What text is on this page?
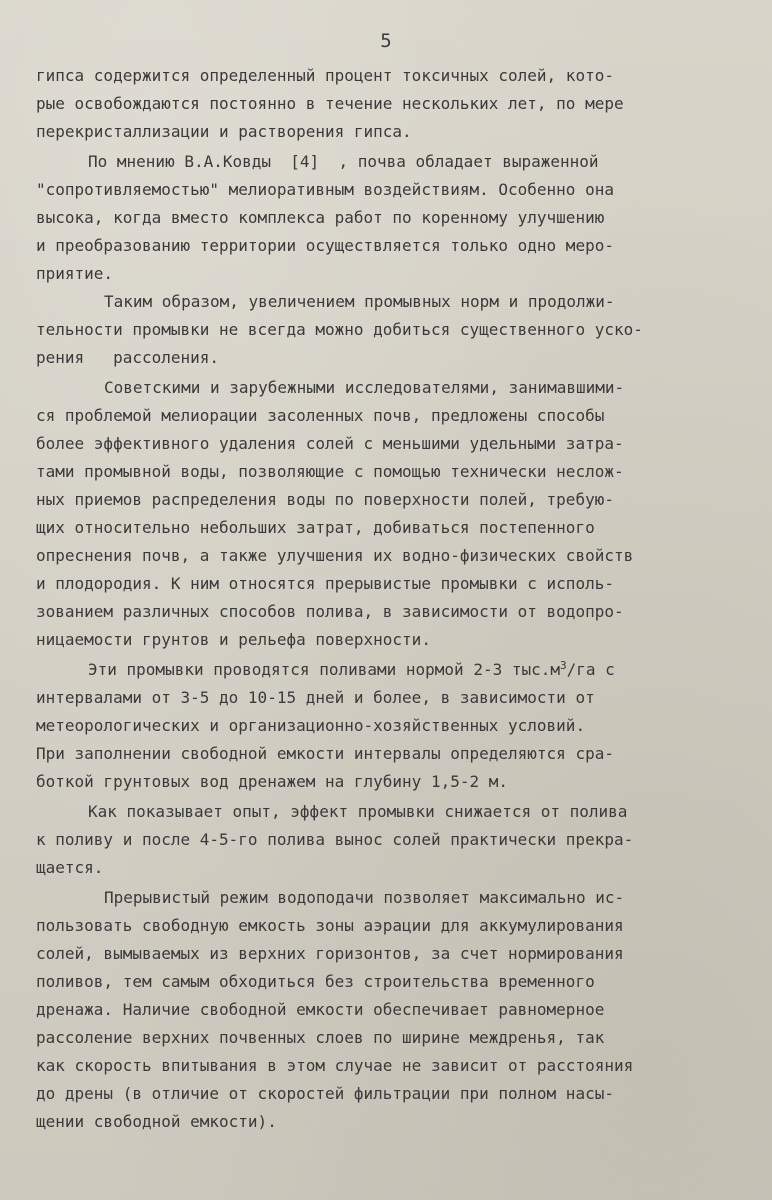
5
гипса содержится определенный процент токсичных солей, кото-
рые освобождаются постоянно в течение нескольких лет, по мере
перекристаллизации и растворения гипса.
По мнению В.А.Ковды  [4]  , почва обладает выраженной
"сопротивляемостью" мелиоративным воздействиям. Особенно она
высока, когда вместо комплекса работ по коренному улучшению
и преобразованию территории осуществляется только одно меро-
приятие.
Таким образом, увеличением промывных норм и продолжи-
тельности промывки не всегда можно добиться существенного уско-
рения   рассоления.
Советскими и зарубежными исследователями, занимавшими-
ся проблемой мелиорации засоленных почв, предложены способы
более эффективного удаления солей с меньшими удельными затра-
тами промывной воды, позволяющие с помощью технически неслож-
ных приемов распределения воды по поверхности полей, требую-
щих относительно небольших затрат, добиваться постепенного
опреснения почв, а также улучшения их водно-физических свойств
и плодородия. К ним относятся прерывистые промывки с исполь-
зованием различных способов полива, в зависимости от водопро-
ницаемости грунтов и рельефа поверхности.
Эти промывки проводятся поливами нормой 2-3 $тыс.м^3/га$ с
интервалами от 3-5 до 10-15 дней и более, в зависимости от
метеорологических и организационно-хозяйственных условий.
При заполнении свободной емкости интервалы определяются сра-
боткой грунтовых вод дренажем на глубину 1,5-2 м.
Как показывает опыт, эффект промывки снижается от полива
к поливу и после 4-5-го полива вынос солей практически прекра-
щается.
Прерывистый режим водоподачи позволяет максимально ис-
пользовать свободную емкость зоны аэрации для аккумулирования
солей, вымываемых из верхних горизонтов, за счет нормирования
поливов, тем самым обходиться без строительства временного
дренажа. Наличие свободной емкости обеспечивает равномерное
рассоление верхних почвенных слоев по ширине междренья, так
как скорость впитывания в этом случае не зависит от расстояния
до дрены (в отличие от скоростей фильтрации при полном насы-
щении свободной емкости).
